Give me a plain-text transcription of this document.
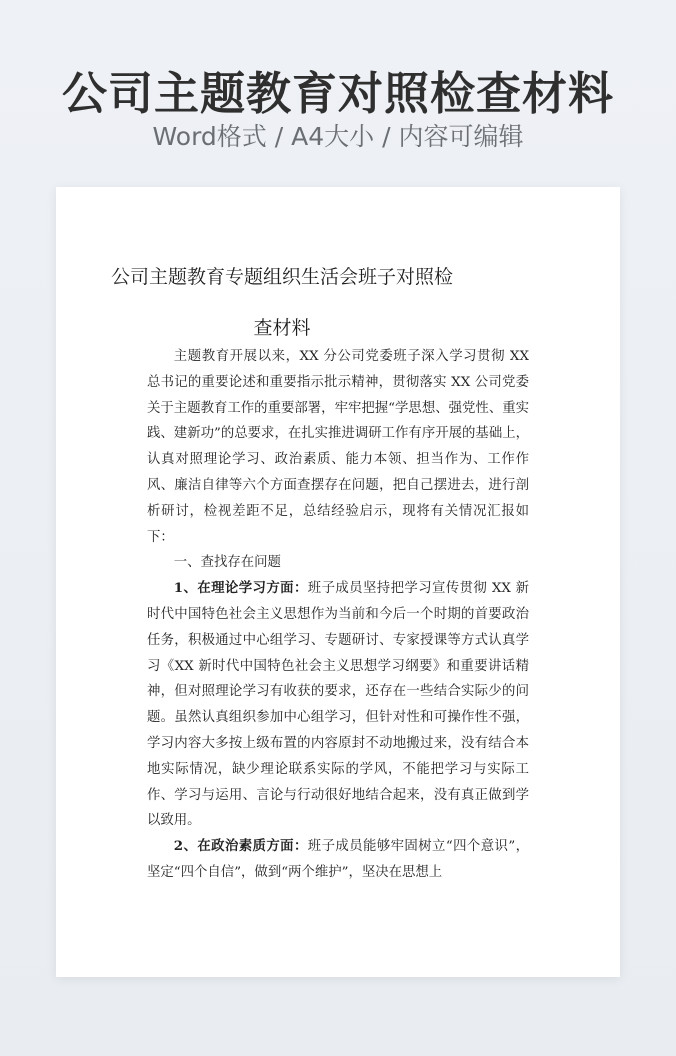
公司主题教育对照检查材料
Word格式 / A4大小 / 内容可编辑
公司主题教育专题组织生活会班子对照检
查材料

主题教育开展以来，XX 分公司党委班子深入学习贯彻 XX 总书记的重要论述和重要指示批示精神，贯彻落实 XX 公司党委关于主题教育工作的重要部署，牢牢把握“学思想、强党性、重实践、建新功”的总要求，在扎实推进调研工作有序开展的基础上，认真对照理论学习、政治素质、能力本领、担当作为、工作作风、廉洁自律等六个方面查摆存在问题，把自己摆进去，进行剖析研讨，检视差距不足，总结经验启示，现将有关情况汇报如下：

一、查找存在问题

1、在理论学习方面：班子成员坚持把学习宣传贯彻 XX 新时代中国特色社会主义思想作为当前和今后一个时期的首要政治任务，积极通过中心组学习、专题研讨、专家授课等方式认真学习《XX 新时代中国特色社会主义思想学习纲要》和重要讲话精神，但对照理论学习有收获的要求，还存在一些结合实际少的问题。虽然认真组织参加中心组学习，但针对性和可操作性不强，学习内容大多按上级布置的内容原封不动地搬过来，没有结合本地实际情况，缺少理论联系实际的学风，不能把学习与实际工作、学习与运用、言论与行动很好地结合起来，没有真正做到学以致用。

2、在政治素质方面：班子成员能够牢固树立“四个意识”，坚定“四个自信”，做到“两个维护”，坚决在思想上
